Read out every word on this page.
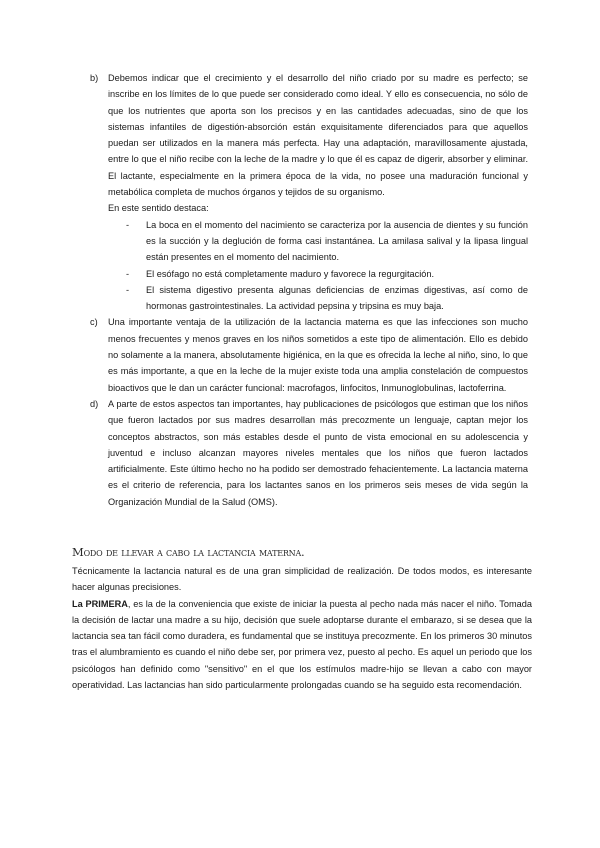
b) Debemos indicar que el crecimiento y el desarrollo del niño criado por su madre es perfecto; se inscribe en los límites de lo que puede ser considerado como ideal. Y ello es consecuencia, no sólo de que los nutrientes que aporta son los precisos y en las cantidades adecuadas, sino de que los sistemas infantiles de digestión-absorción están exquisitamente diferenciados para que aquellos puedan ser utilizados en la manera más perfecta. Hay una adaptación, maravillosamente ajustada, entre lo que el niño recibe con la leche de la madre y lo que él es capaz de digerir, absorber y eliminar. El lactante, especialmente en la primera época de la vida, no posee una maduración funcional y metabólica completa de muchos órganos y tejidos de su organismo.

En este sentido destaca:

- La boca en el momento del nacimiento se caracteriza por la ausencia de dientes y su función es la succión y la deglución de forma casi instantánea. La amilasa salival y la lipasa lingual están presentes en el momento del nacimiento.
- El esófago no está completamente maduro y favorece la regurgitación.
- El sistema digestivo presenta algunas deficiencias de enzimas digestivas, así como de hormonas gastrointestinales. La actividad pepsina y tripsina es muy baja.
c) Una importante ventaja de la utilización de la lactancia materna es que las infecciones son mucho menos frecuentes y menos graves en los niños sometidos a este tipo de alimentación. Ello es debido no solamente a la manera, absolutamente higiénica, en la que es ofrecida la leche al niño, sino, lo que es más importante, a que en la leche de la mujer existe toda una amplia constelación de compuestos bioactivos que le dan un carácter funcional: macrofagos, linfocitos, Inmunoglobulinas, lactoferrina.

d) A parte de estos aspectos tan importantes, hay publicaciones de psicólogos que estiman que los niños que fueron lactados por sus madres desarrollan más precozmente un lenguaje, captan mejor los conceptos abstractos, son más estables desde el punto de vista emocional en su adolescencia y juventud e incluso alcanzan mayores niveles mentales que los niños que fueron lactados artificialmente. Este último hecho no ha podido ser demostrado fehacientemente. La lactancia materna es el criterio de referencia, para los lactantes sanos en los primeros seis meses de vida según la Organización Mundial de la Salud (OMS).

Modo de llevar a cabo la lactancia materna.

Técnicamente la lactancia natural es de una gran simplicidad de realización. De todos modos, es interesante hacer algunas precisiones.

La PRIMERA, es la de la conveniencia que existe de iniciar la puesta al pecho nada más nacer el niño. Tomada la decisión de lactar una madre a su hijo, decisión que suele adoptarse durante el embarazo, si se desea que la lactancia sea tan fácil como duradera, es fundamental que se instituya precozmente. En los primeros 30 minutos tras el alumbramiento es cuando el niño debe ser, por primera vez, puesto al pecho. Es aquel un periodo que los psicólogos han definido como "sensitivo" en el que los estímulos madre-hijo se llevan a cabo con mayor operatividad. Las lactancias han sido particularmente prolongadas cuando se ha seguido esta recomendación.
